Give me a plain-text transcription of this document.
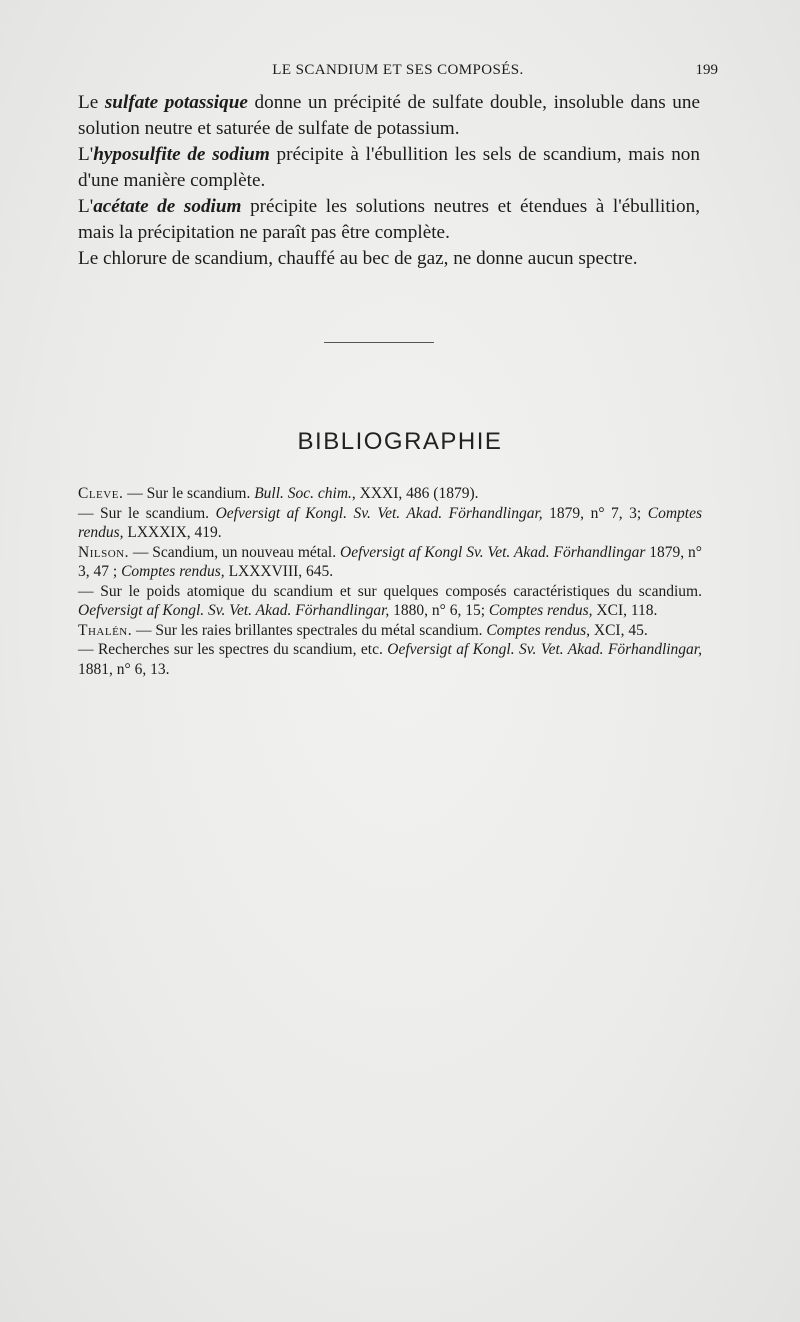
LE SCANDIUM ET SES COMPOSÉS.	199

Le sulfate potassique donne un précipité de sulfate double, insoluble dans une solution neutre et saturée de sulfate de potassium.

L'hyposulfite de sodium précipite à l'ébullition les sels de scandium, mais non d'une manière complète.

L'acétate de sodium précipite les solutions neutres et étendues à l'ébullition, mais la précipitation ne paraît pas être complète.

Le chlorure de scandium, chauffé au bec de gaz, ne donne aucun spectre.

BIBLIOGRAPHIE

Cleve. — Sur le scandium. Bull. Soc. chim., XXXI, 486 (1879).

— Sur le scandium. Oefversigt af Kongl. Sv. Vet. Akad. Förhandlingar, 1879, n° 7, 3; Comptes rendus, LXXXIX, 419.

Nilson. — Scandium, un nouveau métal. Oefversigt af Kongl Sv. Vet. Akad. Förhandlingar 1879, n° 3, 47 ; Comptes rendus, LXXXVIII, 645.

— Sur le poids atomique du scandium et sur quelques composés caractéristiques du scandium. Oefversigt af Kongl. Sv. Vet. Akad. Förhandlingar, 1880, n° 6, 15; Comptes rendus, XCI, 118.

Thalén. — Sur les raies brillantes spectrales du métal scandium. Comptes rendus, XCI, 45.

— Recherches sur les spectres du scandium, etc. Oefversigt af Kongl. Sv. Vet. Akad. Förhandlingar, 1881, n° 6, 13.
